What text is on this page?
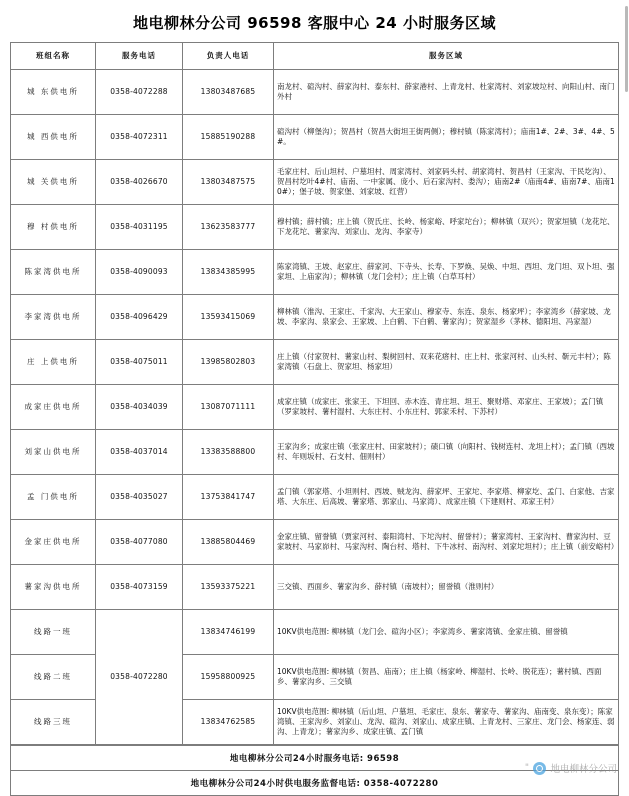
地电柳林分公司 96598 客服中心 24 小时服务区域
班组名称	服务电话	负责人电话	服务区域
城 东供电所	0358-4072288	13803487685	南龙村、碹沟村、薛家沟村、泰东村、薛家港村、上青龙村、杜家湾村、刘家坡垃村、向阳山村、南门外村
城 西供电所	0358-4072311	15885190288	碹沟村（柳堡沟）；贺昌村（贺昌大街坦王街两侧）；穆村镇（陈家湾村）；庙南1#、2#、3#、4#、5#。
城 关供电所	0358-4026670	13803487575	毛家庄村、后山坦村、户墓坦村、周家湾村、刘家码头村、胡家湾村、贺昌村（王家沟、干民圪沟）、贺昌村圪叶4#村、庙南、一中家属、庞小、后石家沟村、娄沟）；庙南2#（庙南4#、庙南7#、庙南10#）；堡子坡、贺家堡、刘家坡、红营）
穆 村供电所	0358-4031195	13623583777	穆村镇；薛村镇；庄上镇（贺氏庄、长岭、杨家峪、呼家坨台）；柳林镇（双兴）；贺家垣镇（龙花坨、下龙花坨、薯家沟、刘家山、龙沟、李家寺）
陈家湾供电所	0358-4090093	13834385995	陈家湾镇、王坡、赵家庄、薛家河、下寺头、长寿、下罗焕、吴焕、中坦、西坦、龙门坦、双卜坦、强家坦、上庙家沟）；柳林镇（龙门会村）；庄上镇（白草耳村）
李家湾供电所	0358-4096429	13593415069	柳林镇（淮沟、王家庄、千家沟、大王家山、穆家寺、东连、泉东、杨家坪）；李家湾乡（薛家坡、龙坡、李家沟、泉家会、王家坡、上白鹤、下白鹤、薯家沟）；贺家湿乡（茅林、德阳坦、冯家湿）
庄 上供电所	0358-4075011	13985802803	庄上镇（付家贺村、薯家山村、梨树回村、双来花瘩村、庄上村、张家河村、山头村、靳元丰村）；陈家湾镇（石盘上、贺家坦、杨家坦）
成家庄供电所	0358-4034039	13087071111	成家庄镇（成家庄、张家王、下坦回、赤木连、青庄坦、坦王、聚财塔、邓家庄、王家坡）；孟门镇（罗家坡村、薯村湿村、大东庄村、小东庄村、郭家禾村、下苏村）
刘家山供电所	0358-4037014	13383588800	王家沟乡；成家庄镇（张家庄村、田家坡村）；碛口镇（向阳村、钱树连村、龙坦上村）；孟门镇（西坡村、年则坂村、石支村、佃则村）
孟 门供电所	0358-4035027	13753841747	孟门镇（郭家塔、小坦则村、西坡、贼龙沟、薛家坪、王家坨、李家塔、柳家圪、孟门、白家他、吉家塔、大东庄、后高坡、薯家塔、郭家山、马家湾）、成家庄镇（下建则村、邓家王村）
金家庄供电所	0358-4077080	13885804469	金家庄镇、留誉镇（贾家河村、泰阳湾村、下坨沟村、留誉村）；薯家湾村、王家沟村、曹家沟村、豆家坡村、马家峁村、马家沟村、陶台村、塔村、下牛冰村、南沟村、刘家坨坦村）；庄上镇（前安峪村）
薯家沟供电所	0358-4073159	13593375221	三交镇、西面乡、薯家沟乡、薛村镇（南坡村）；留誉镇（淮则村）
线路一班	0358-4072280	13834746199	10KV供电范围: 柳林镇（龙门会、碹沟小区）；李家湾乡、薯家湾镇、金家庄镇、留誉镇
线路二班		15958800925	10KV供电范围: 柳林镇（贺昌、庙南）；庄上镇（杨家岭、柳湿村、长岭、脱花连）；薯村镇、西面乡、薯家沟乡、三交镇
线路三班		13834762585	10KV供电范围: 柳林镇（后山坦、户墓坦、毛家庄、泉东、薯家寺、薯家沟、庙南变、泉东变）；陈家湾镇、王家沟乡、刘家山、龙沟、碹沟、刘家山、成家庄镇、上青龙村、三家庄、龙门会、杨家连、弱沟、上青龙）；薯家沟乡、成家庄镇、孟门镇
地电柳林分公司24小时服务电话: 96598
地电柳林分公司24小时供电服务监督电话: 0358-4072280
" 地电柳林分公司
